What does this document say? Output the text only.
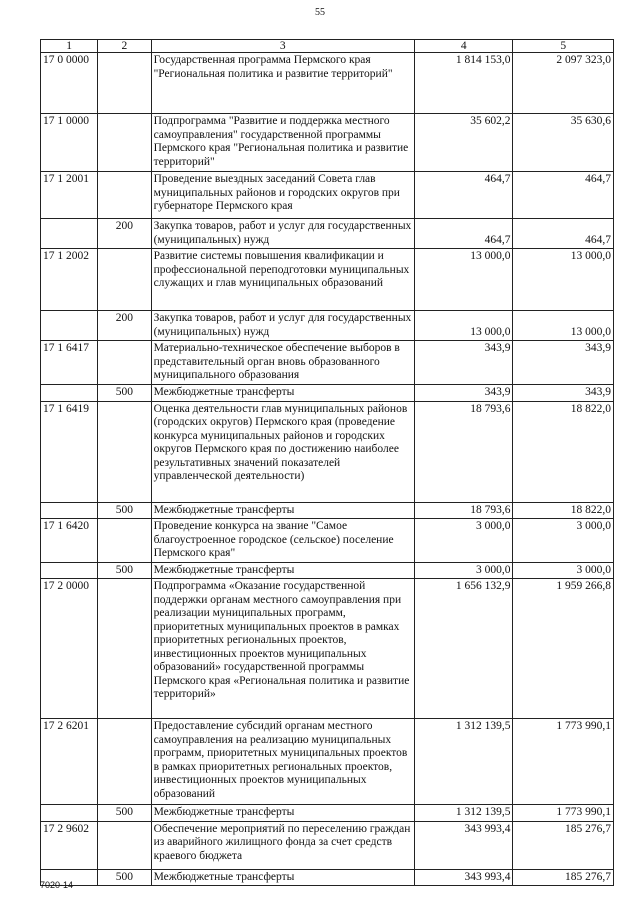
55
1	2	3	4	5
17 0 0000		Государственная программа Пермского края "Региональная политика и развитие территорий"	1 814 153,0	2 097 323,0
17 1 0000		Подпрограмма "Развитие и поддержка местного самоуправления" государственной программы Пермского края "Региональная политика и развитие территорий"	35 602,2	35 630,6
17 1 2001		Проведение выездных заседаний Совета глав муниципальных районов и городских округов при губернаторе Пермского края	464,7	464,7
	200	Закупка товаров, работ и услуг для государственных (муниципальных) нужд	464,7	464,7
17 1 2002		Развитие системы повышения квалификации и профессиональной переподготовки муниципальных служащих и глав муниципальных образований	13 000,0	13 000,0
	200	Закупка товаров, работ и услуг для государственных (муниципальных) нужд	13 000,0	13 000,0
17 1 6417		Материально-техническое обеспечение выборов в представительный орган вновь образованного муниципального образования	343,9	343,9
	500	Межбюджетные трансферты	343,9	343,9
17 1 6419		Оценка деятельности глав муниципальных районов (городских округов) Пермского края (проведение конкурса муниципальных районов и городских округов Пермского края по достижению наиболее результативных значений показателей управленческой деятельности)	18 793,6	18 822,0
	500	Межбюджетные трансферты	18 793,6	18 822,0
17 1 6420		Проведение конкурса на звание "Самое благоустроенное городское (сельское) поселение Пермского края"	3 000,0	3 000,0
	500	Межбюджетные трансферты	3 000,0	3 000,0
17 2 0000		Подпрограмма «Оказание государственной поддержки органам местного самоуправления при реализации муниципальных программ, приоритетных муниципальных проектов в рамках приоритетных региональных проектов, инвестиционных проектов муниципальных образований» государственной программы Пермского края «Региональная политика и развитие территорий»	1 656 132,9	1 959 266,8
17 2 6201		Предоставление субсидий органам местного самоуправления на реализацию муниципальных программ, приоритетных муниципальных проектов в рамках приоритетных региональных проектов, инвестиционных проектов муниципальных образований	1 312 139,5	1 773 990,1
	500	Межбюджетные трансферты	1 312 139,5	1 773 990,1
17 2 9602		Обеспечение мероприятий по переселению граждан из аварийного жилищного фонда за счет средств краевого бюджета	343 993,4	185 276,7
	500	Межбюджетные трансферты	343 993,4	185 276,7
7020-14
